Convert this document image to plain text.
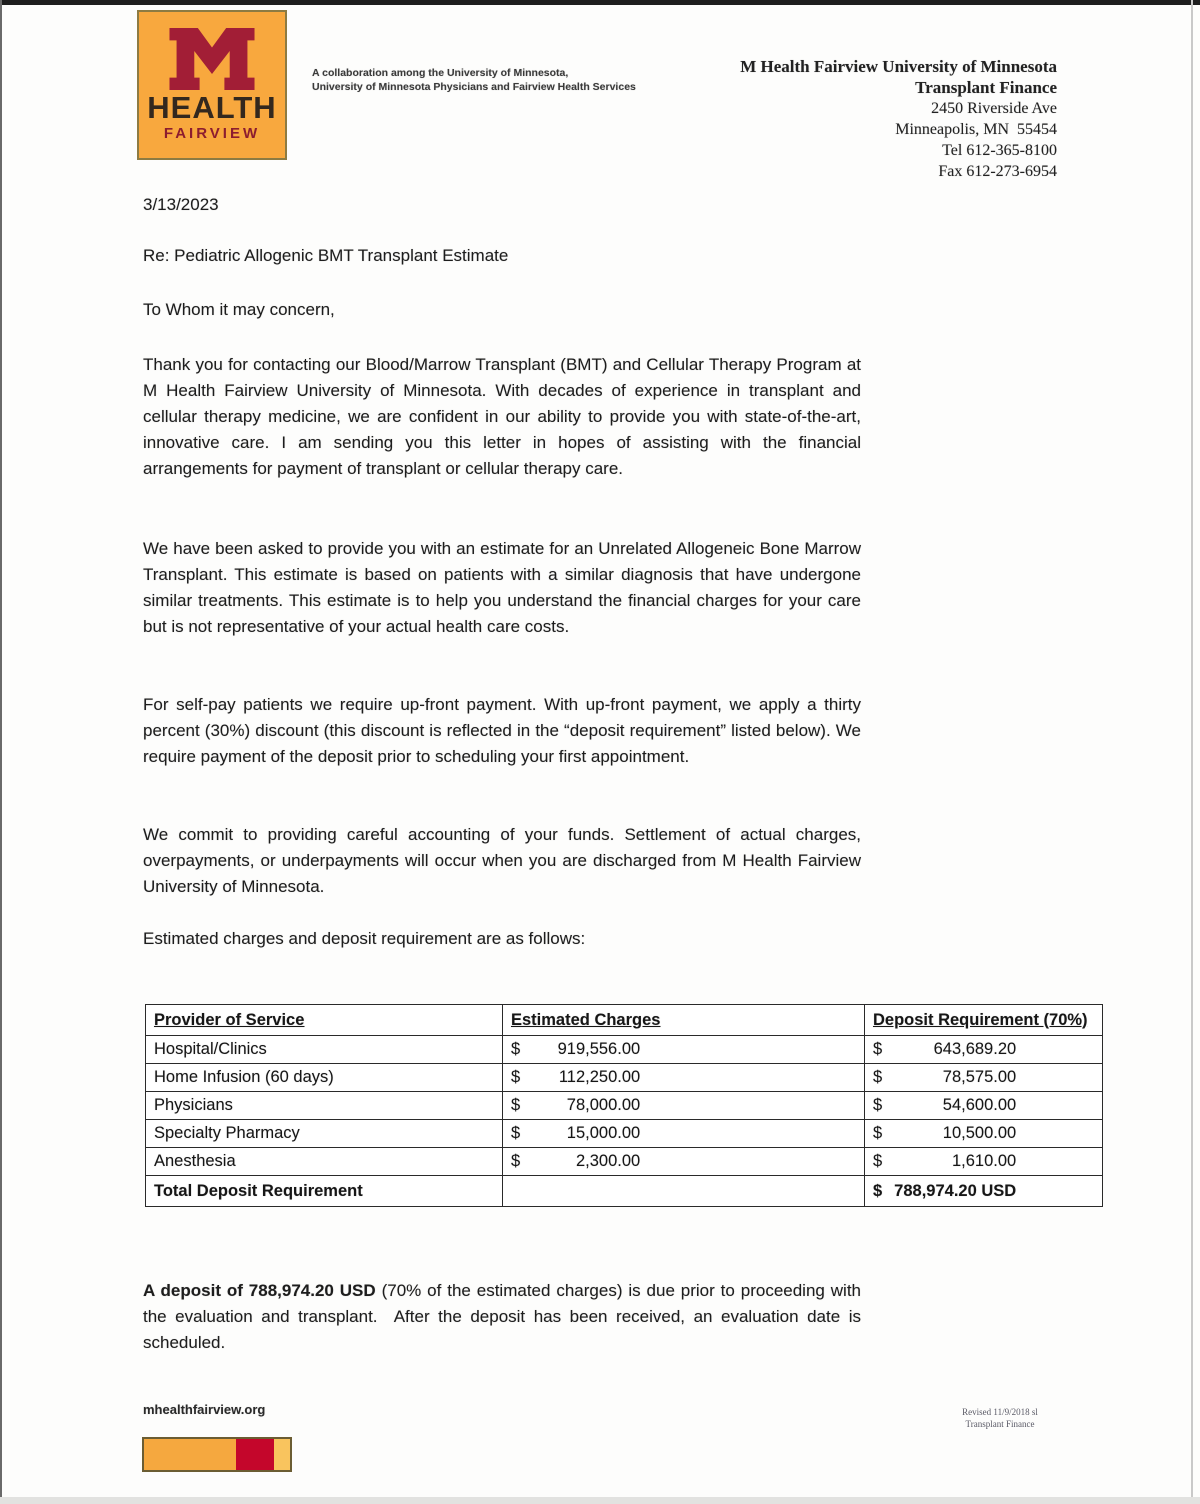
HEALTH
FAIRVIEW
A collaboration among the University of Minnesota,
University of Minnesota Physicians and Fairview Health Services
M Health Fairview University of Minnesota
Transplant Finance
2450 Riverside Ave
Minneapolis, MN  55454
Tel 612-365-8100
Fax 612-273-6954
3/13/2023
Re: Pediatric Allogenic BMT Transplant Estimate
To Whom it may concern,
Thank you for contacting our Blood/Marrow Transplant (BMT) and Cellular Therapy Program at M Health Fairview University of Minnesota. With decades of experience in transplant and cellular therapy medicine, we are confident in our ability to provide you with state-of-the-art, innovative care. I am sending you this letter in hopes of assisting with the financial arrangements for payment of transplant or cellular therapy care.
We have been asked to provide you with an estimate for an Unrelated Allogeneic Bone Marrow Transplant. This estimate is based on patients with a similar diagnosis that have undergone similar treatments. This estimate is to help you understand the financial charges for your care but is not representative of your actual health care costs.
For self-pay patients we require up-front payment. With up-front payment, we apply a thirty percent (30%) discount (this discount is reflected in the “deposit requirement” listed below). We require payment of the deposit prior to scheduling your first appointment.
We commit to providing careful accounting of your funds. Settlement of actual charges, overpayments, or underpayments will occur when you are discharged from M Health Fairview University of Minnesota.
Estimated charges and deposit requirement are as follows:
Provider of Service	Estimated Charges	Deposit Requirement (70%)

Hospital/Clinics	$ 919,556.00	$ 643,689.20

Home Infusion (60 days)	$ 112,250.00	$ 78,575.00

Physicians	$ 78,000.00	$ 54,600.00

Specialty Pharmacy	$ 15,000.00	$ 10,500.00

Anesthesia	$ 2,300.00	$ 1,610.00

Total Deposit Requirement		$ 788,974.20 USD
A deposit of 788,974.20 USD (70% of the estimated charges) is due prior to proceeding with the evaluation and transplant.  After the deposit has been received, an evaluation date is scheduled.
mhealthfairview.org	Revised 11/9/2018 sl
Transplant Finance
